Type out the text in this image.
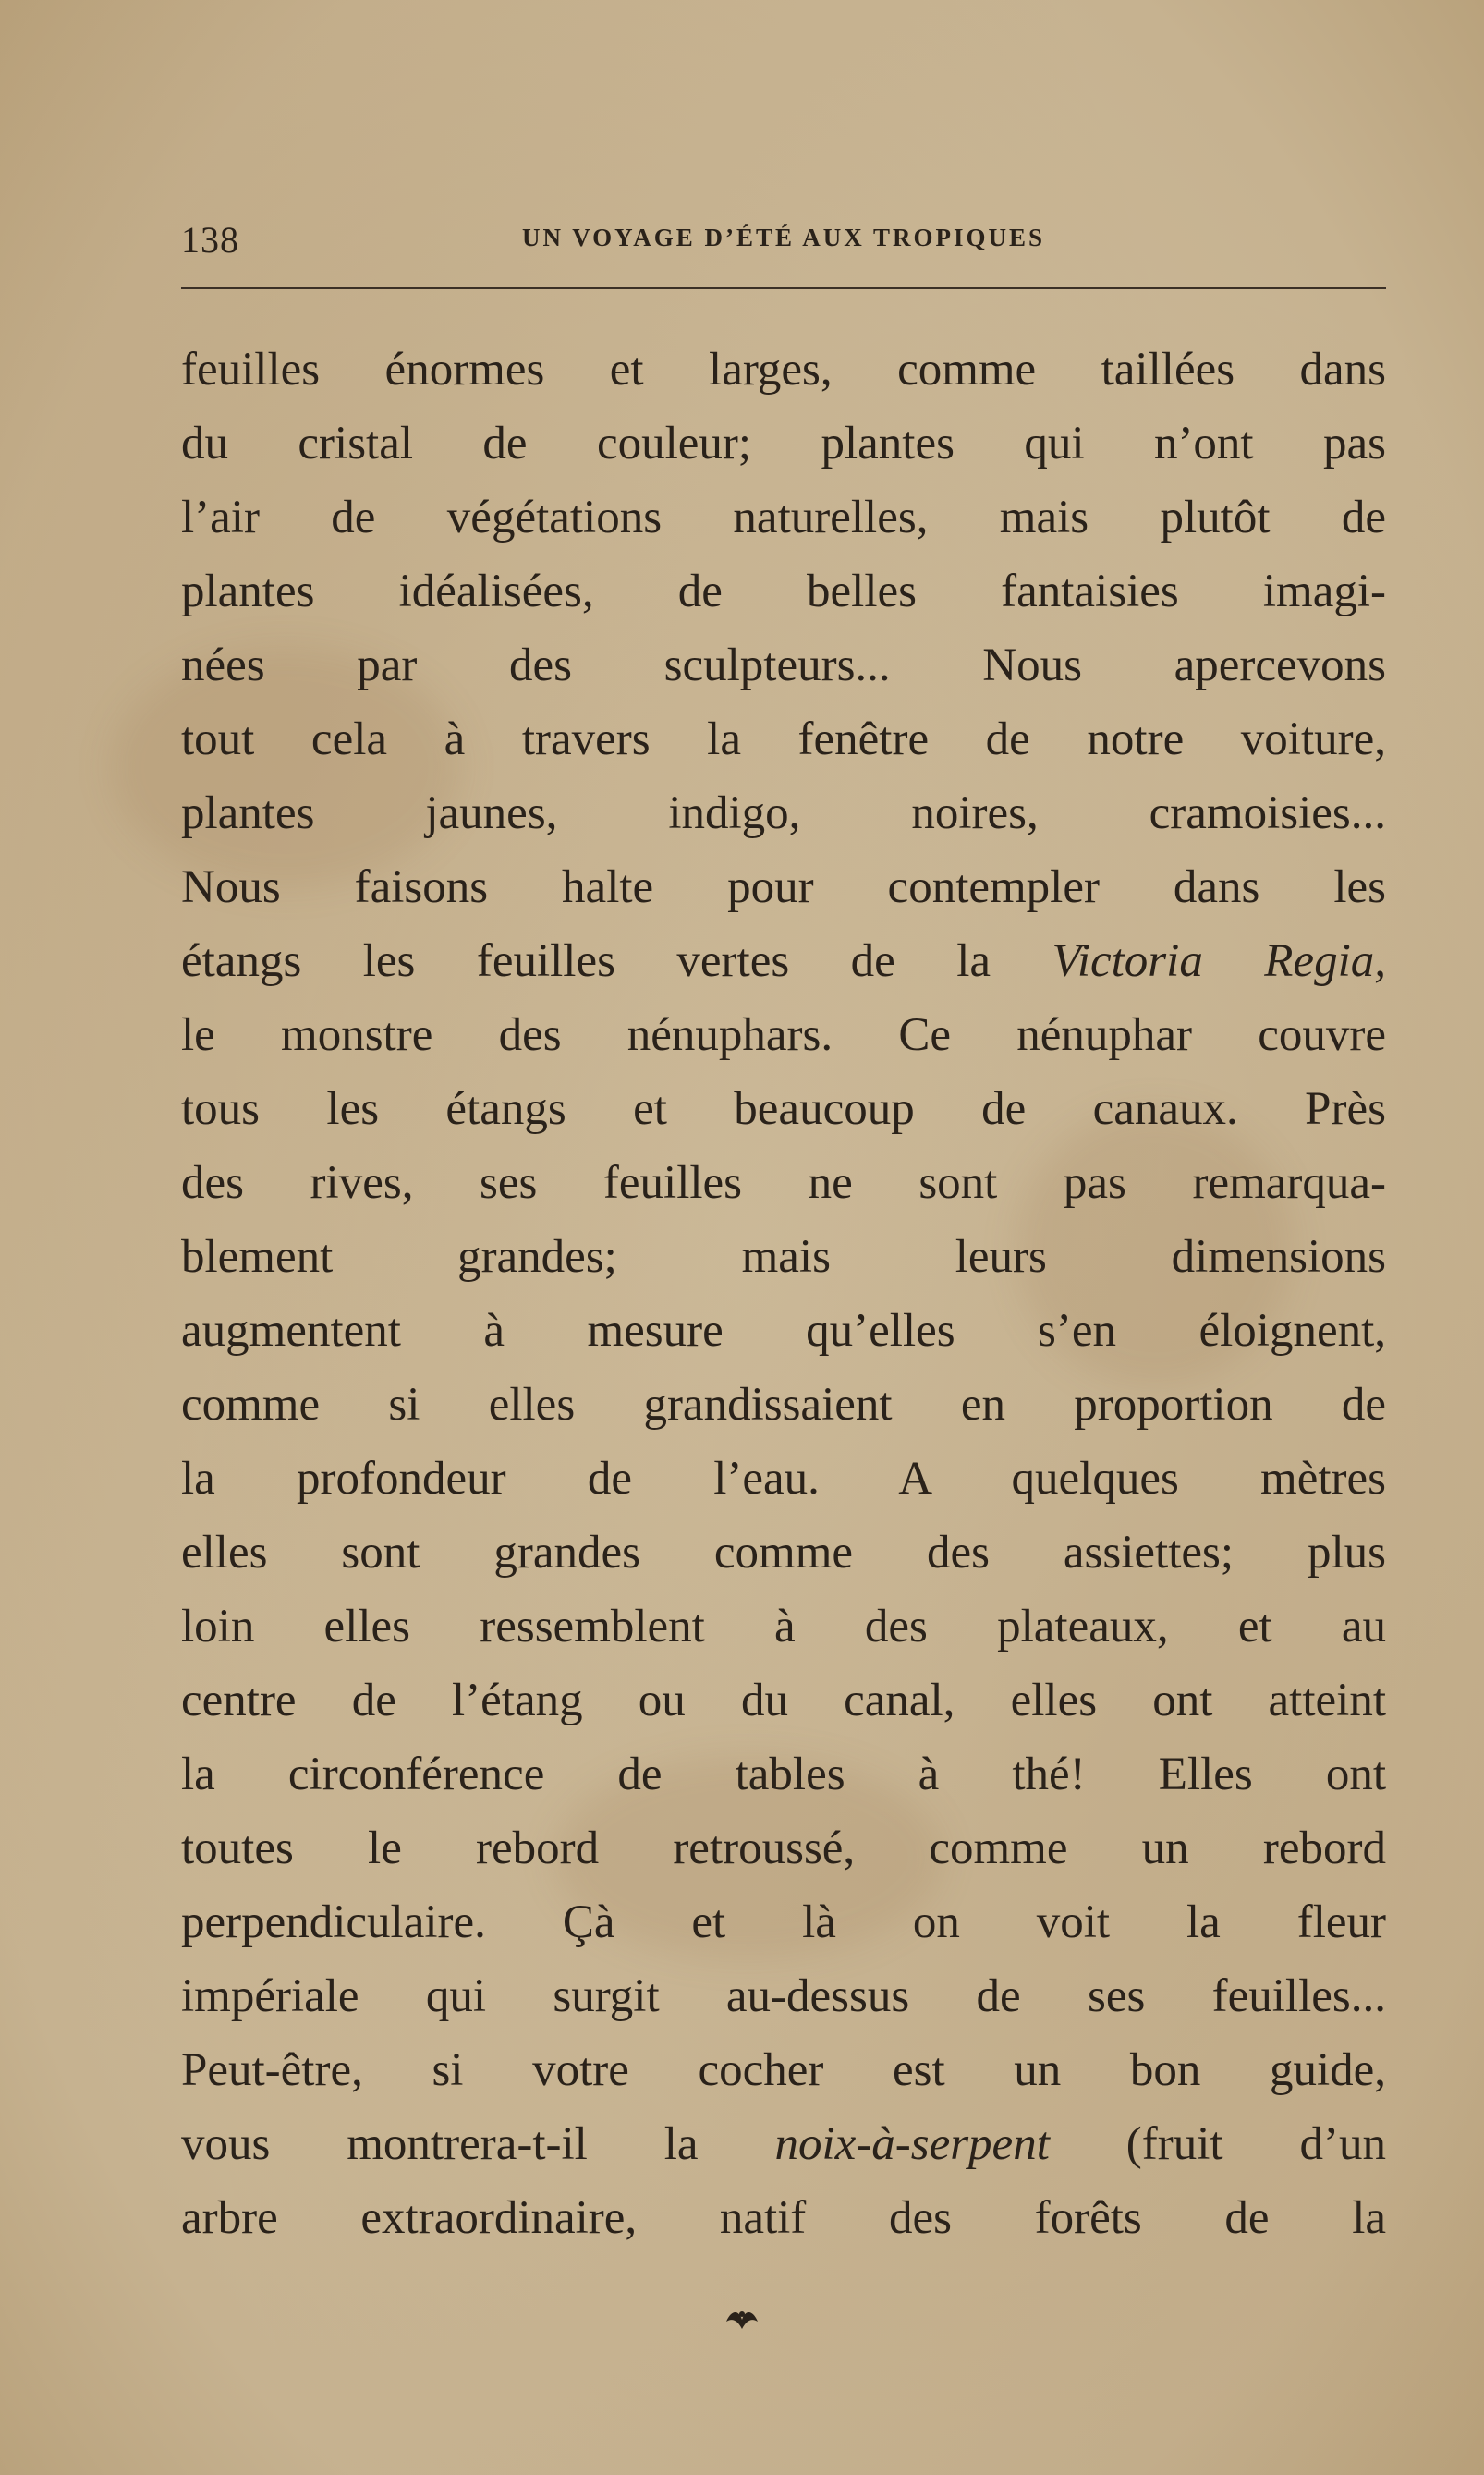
138	UN VOYAGE D’ÉTÉ AUX TROPIQUES
feuilles énormes et larges, comme taillées dans
du cristal de couleur; plantes qui n’ont pas
l’air de végétations naturelles, mais plutôt de
plantes idéalisées, de belles fantaisies imagi-
nées par des sculpteurs... Nous apercevons
tout cela à travers la fenêtre de notre voiture,
plantes jaunes, indigo, noires, cramoisies...
Nous faisons halte pour contempler dans les
étangs les feuilles vertes de la Victoria Regia,
le monstre des nénuphars. Ce nénuphar couvre
tous les étangs et beaucoup de canaux. Près
des rives, ses feuilles ne sont pas remarqua-
blement grandes; mais leurs dimensions
augmentent à mesure qu’elles s’en éloignent,
comme si elles grandissaient en proportion de
la profondeur de l’eau. A quelques mètres
elles sont grandes comme des assiettes; plus
loin elles ressemblent à des plateaux, et au
centre de l’étang ou du canal, elles ont atteint
la circonférence de tables à thé! Elles ont
toutes le rebord retroussé, comme un rebord
perpendiculaire. Çà et là on voit la fleur
impériale qui surgit au-dessus de ses feuilles...
Peut-être, si votre cocher est un bon guide,
vous montrera-t-il la noix-à-serpent (fruit d’un
arbre extraordinaire, natif des forêts de la
